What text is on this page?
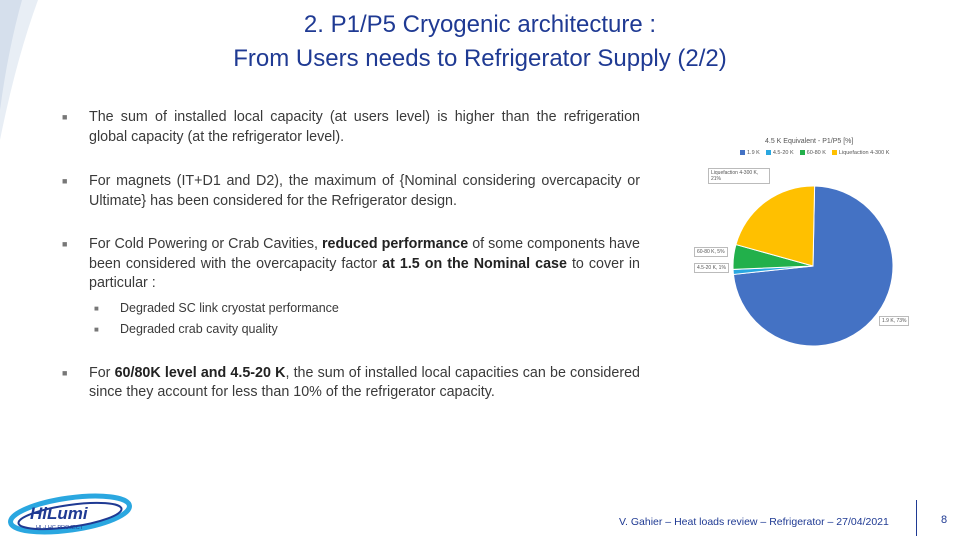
2. P1/P5 Cryogenic architecture :
From Users needs to Refrigerator Supply (2/2)
■ The sum of installed local capacity (at users level) is higher than the refrigeration global capacity (at the refrigerator level).
■ For magnets (IT+D1 and D2), the maximum of {Nominal considering overcapacity or Ultimate} has been considered for the Refrigerator design.
■ For Cold Powering or Crab Cavities, reduced performance of some components have been considered with the overcapacity factor at 1.5 on the Nominal case to cover in particular :
■ Degraded SC link cryostat performance
■ Degraded crab cavity quality
■ For 60/80K level and 4.5-20 K, the sum of installed local capacities can be considered since they account for less than 10% of the refrigerator capacity.
4.5 K Equivalent - P1/P5 [%]
1.9 K 4.5-20 K 60-80 K Liquefaction 4-300 K
1.9 K, 73%
4.5-20 K, 1%
60-80 K, 5%
Liquefaction 4-300 K, 21%
HiLumi
HL-LHC PROJECT	V. Gahier – Heat loads review – Refrigerator – 27/04/2021	8
